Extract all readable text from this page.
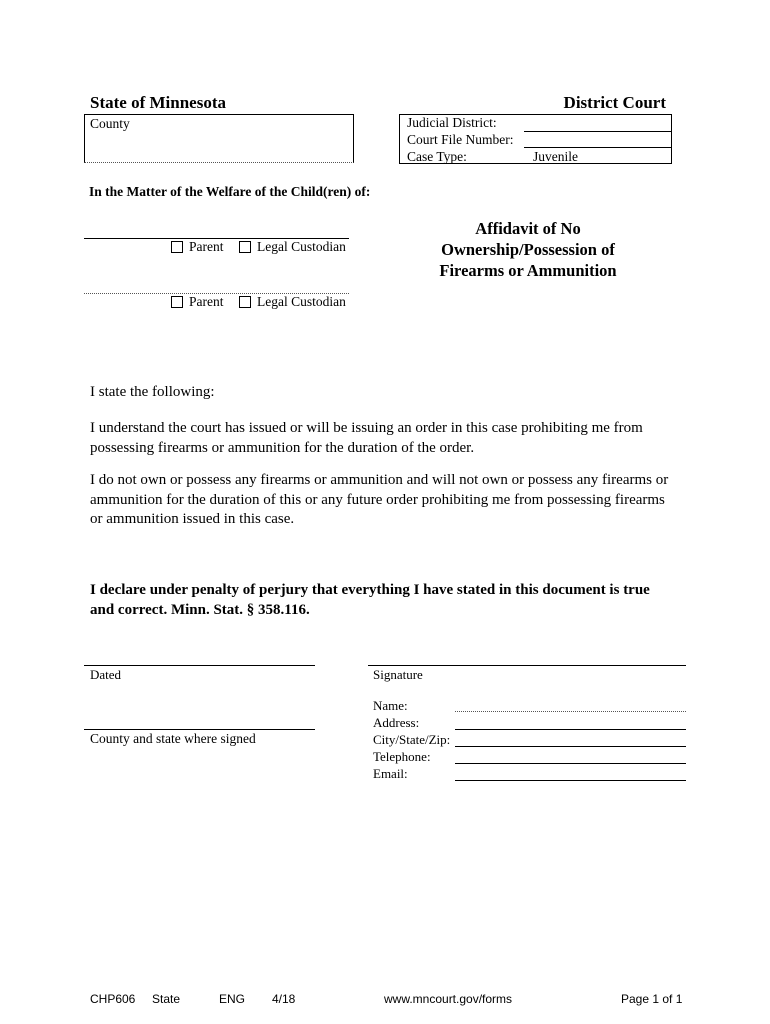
State of Minnesota	District Court
County	Judicial District:
Court File Number:
Case Type:	Juvenile
In the Matter of the Welfare of the Child(ren) of:
Parent Legal Custodian
Parent Legal Custodian
Affidavit of No
Ownership/Possession of
Firearms or Ammunition
I state the following:
I understand the court has issued or will be issuing an order in this case prohibiting me from
possessing firearms or ammunition for the duration of the order.
I do not own or possess any firearms or ammunition and will not own or possess any firearms or
ammunition for the duration of this or any future order prohibiting me from possessing firearms
or ammunition issued in this case.
I declare under penalty of perjury that everything I have stated in this document is true
and correct. Minn. Stat. § 358.116.
Dated
County and state where signed
Signature
Name:
Address:
City/State/Zip:
Telephone:
Email:
CHP606 State	ENG 4/18	www.mncourt.gov/forms	Page 1 of 1
